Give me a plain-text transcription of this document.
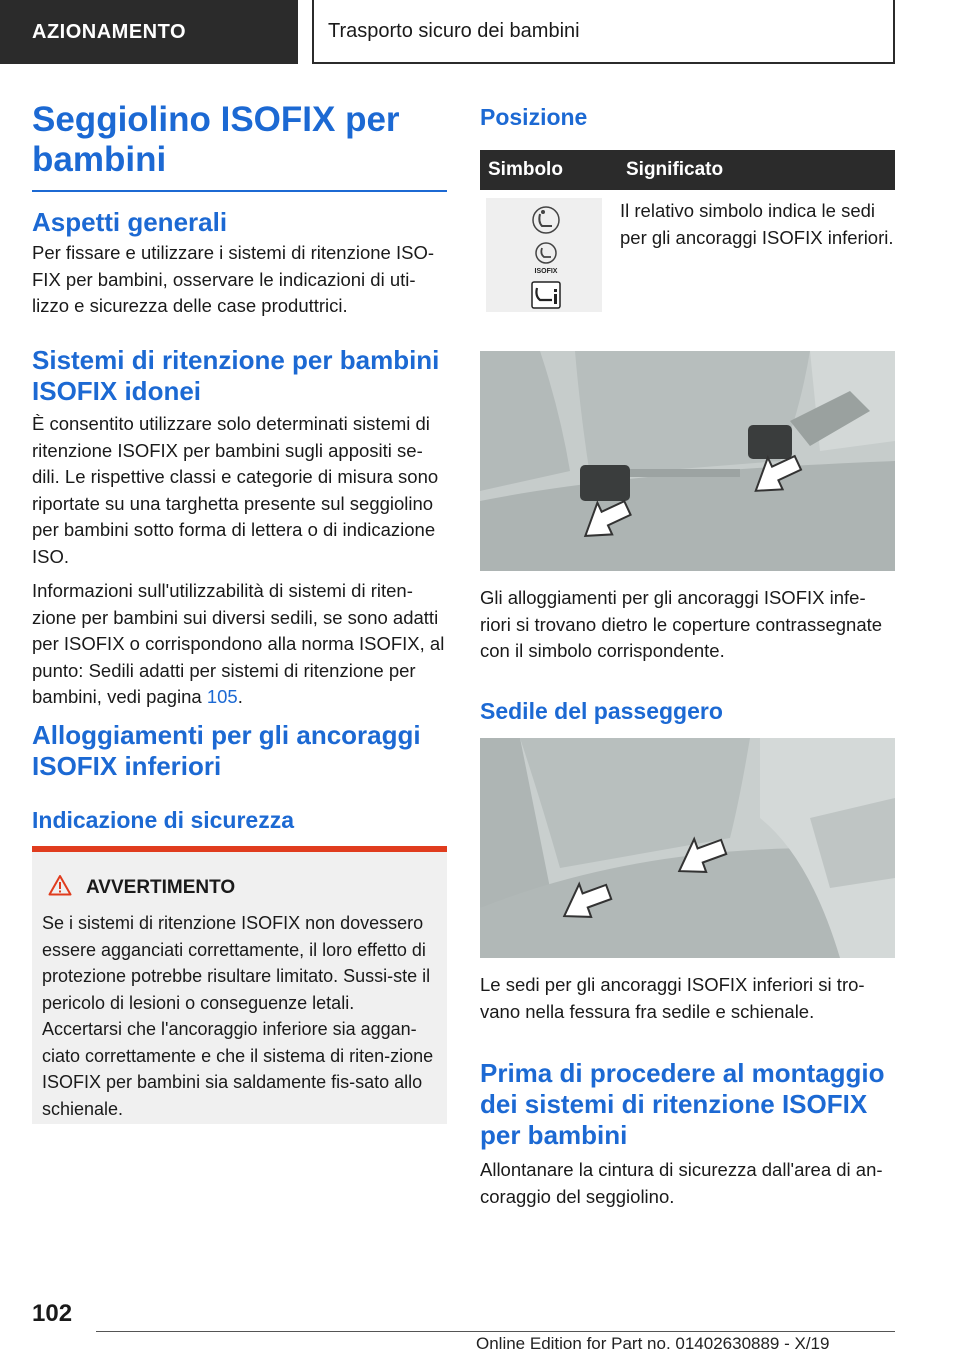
AZIONAMENTO	Trasporto sicuro dei bambini
Seggiolino ISOFIX per bambini
Aspetti generali

Per fissare e utilizzare i sistemi di ritenzione ISO-FIX per bambini, osservare le indicazioni di uti-lizzo e sicurezza delle case produttrici.

Sistemi di ritenzione per bambini ISOFIX idonei

È consentito utilizzare solo determinati sistemi di ritenzione ISOFIX per bambini sugli appositi se-dili. Le rispettive classi e categorie di misura sono riportate su una targhetta presente sul seggiolino per bambini sotto forma di lettera o di indicazione ISO.

Informazioni sull'utilizzabilità di sistemi di riten-zione per bambini sui diversi sedili, se sono adatti per ISOFIX o corrispondono alla norma ISOFIX, al punto: Sedili adatti per sistemi di ritenzione per bambini, vedi pagina 105.

Alloggiamenti per gli ancoraggi ISOFIX inferiori
Indicazione di sicurezza
AVVERTIMENTO

Se i sistemi di ritenzione ISOFIX non dovessero essere agganciati correttamente, il loro effetto di protezione potrebbe risultare limitato. Sussi-ste il pericolo di lesioni o conseguenze letali. Accertarsi che l'ancoraggio inferiore sia aggan-ciato correttamente e che il sistema di riten-zione ISOFIX per bambini sia saldamente fis-sato allo schienale.

Posizione
Simbolo	Significato

ISOFIX	Il relativo simbolo indica le sedi per gli ancoraggi ISOFIX inferiori.

Gli alloggiamenti per gli ancoraggi ISOFIX infe-riori si trovano dietro le coperture contrassegnate con il simbolo corrispondente.

Sedile del passeggero

Le sedi per gli ancoraggi ISOFIX inferiori si tro-vano nella fessura fra sedile e schienale.

Prima di procedere al montaggio dei sistemi di ritenzione ISOFIX per bambini

Allontanare la cintura di sicurezza dall'area di an-coraggio del seggiolino.

102
Online Edition for Part no. 01402630889 - X/19
